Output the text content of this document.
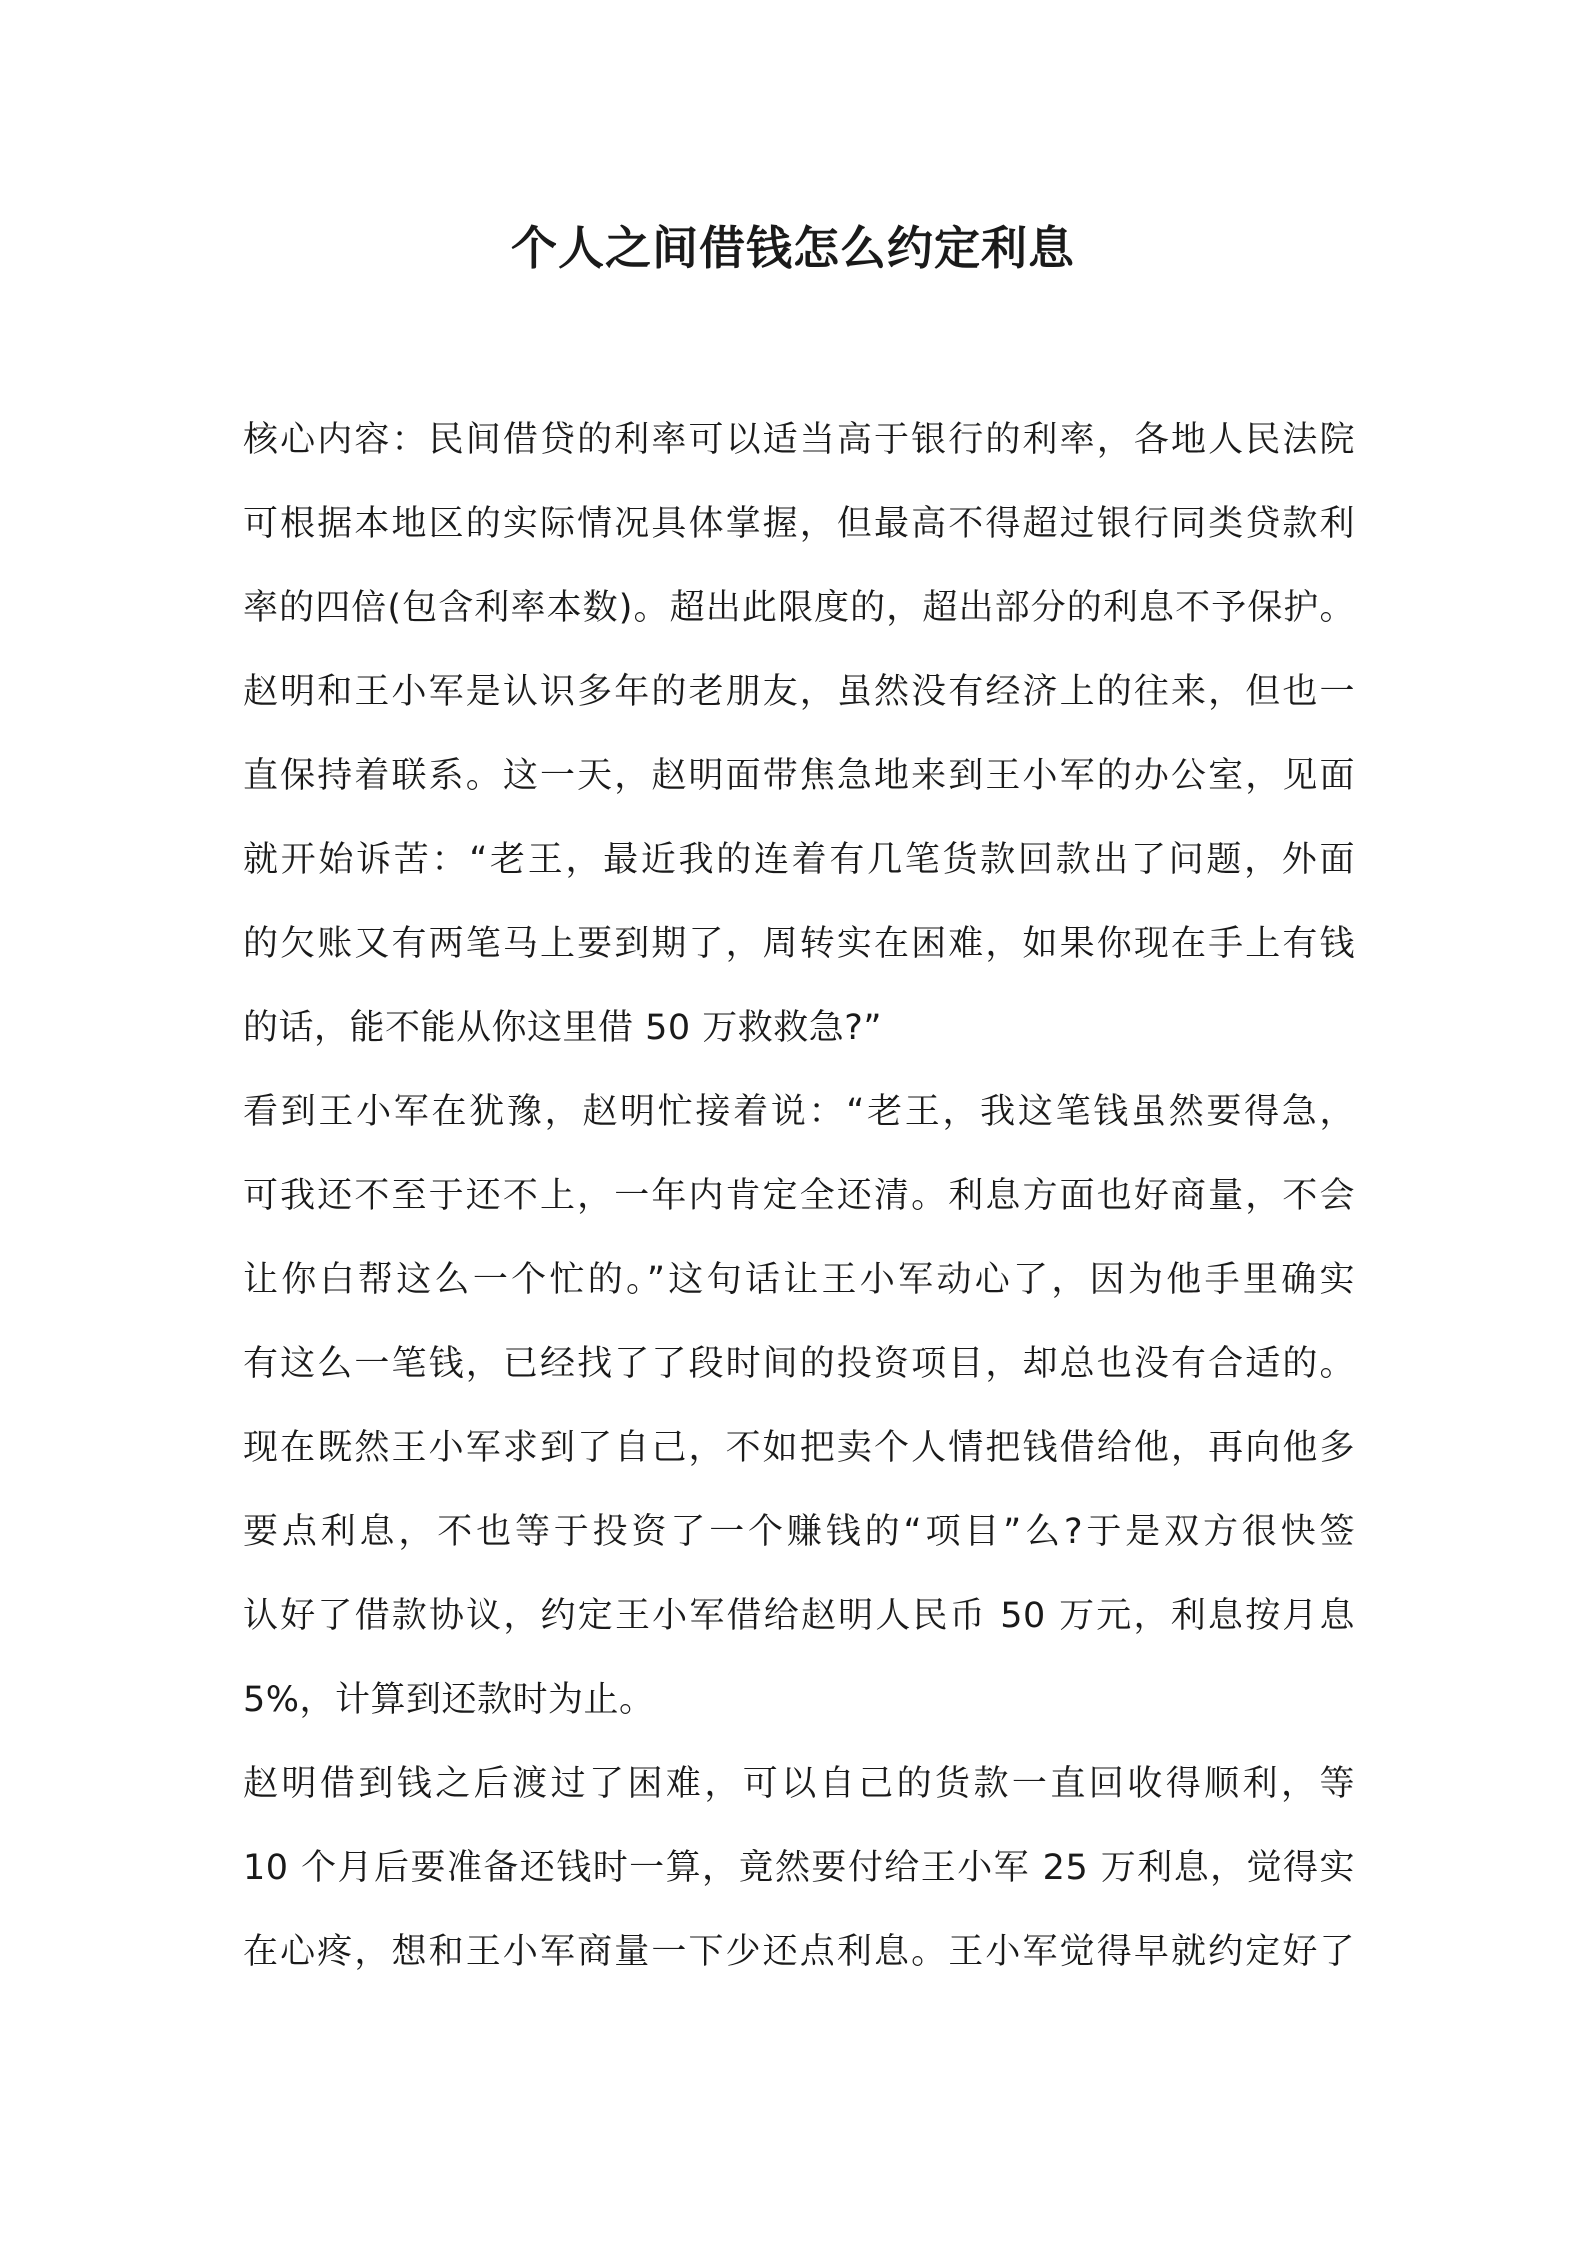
个人之间借钱怎么约定利息
核心内容：民间借贷的利率可以适当高于银行的利率，各地人民法院
可根据本地区的实际情况具体掌握，但最高不得超过银行同类贷款利
率的四倍(包含利率本数)。超出此限度的，超出部分的利息不予保护。
赵明和王小军是认识多年的老朋友，虽然没有经济上的往来，但也一
直保持着联系。这一天，赵明面带焦急地来到王小军的办公室，见面
就开始诉苦：“老王，最近我的连着有几笔货款回款出了问题，外面
的欠账又有两笔马上要到期了，周转实在困难，如果你现在手上有钱
的话，能不能从你这里借 50 万救救急?”
看到王小军在犹豫，赵明忙接着说：“老王，我这笔钱虽然要得急，
可我还不至于还不上，一年内肯定全还清。利息方面也好商量，不会
让你白帮这么一个忙的。”这句话让王小军动心了，因为他手里确实
有这么一笔钱，已经找了了段时间的投资项目，却总也没有合适的。
现在既然王小军求到了自己，不如把卖个人情把钱借给他，再向他多
要点利息，不也等于投资了一个赚钱的“项目”么?于是双方很快签
认好了借款协议，约定王小军借给赵明人民币 50 万元，利息按月息
5%，计算到还款时为止。
赵明借到钱之后渡过了困难，可以自己的货款一直回收得顺利，等
10 个月后要准备还钱时一算，竟然要付给王小军 25 万利息，觉得实
在心疼，想和王小军商量一下少还点利息。王小军觉得早就约定好了
